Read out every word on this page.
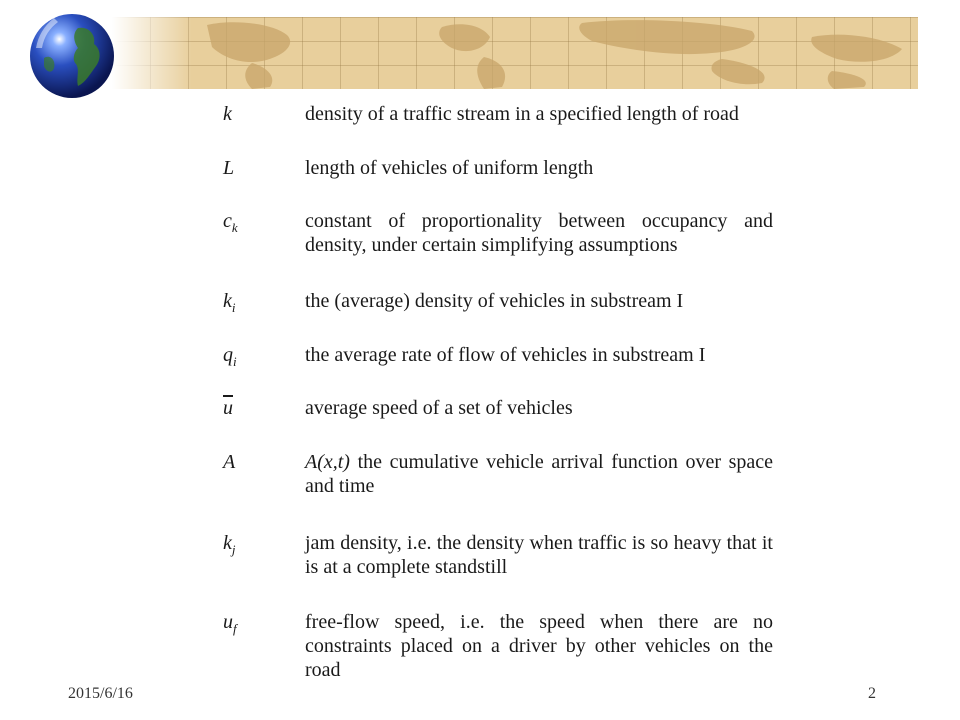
k	density of a traffic stream in a specified length of road
L	length of vehicles of uniform length
$c_k$	constant of proportionality between occupancy and density, under certain simplifying assumptions
$k_i$	the (average) density of vehicles in substream I
$q_i$	the average rate of flow of vehicles in substream I
$\overline{u}$	average speed of a set of vehicles
A	A(x,t) the cumulative vehicle arrival function over space and time
$k_j$	jam density, i.e. the density when traffic is so heavy that it is at a complete standstill
$u_f$	free-flow speed, i.e. the speed when there are no constraints placed on a driver by other vehicles on the road
2015/6/16	2
